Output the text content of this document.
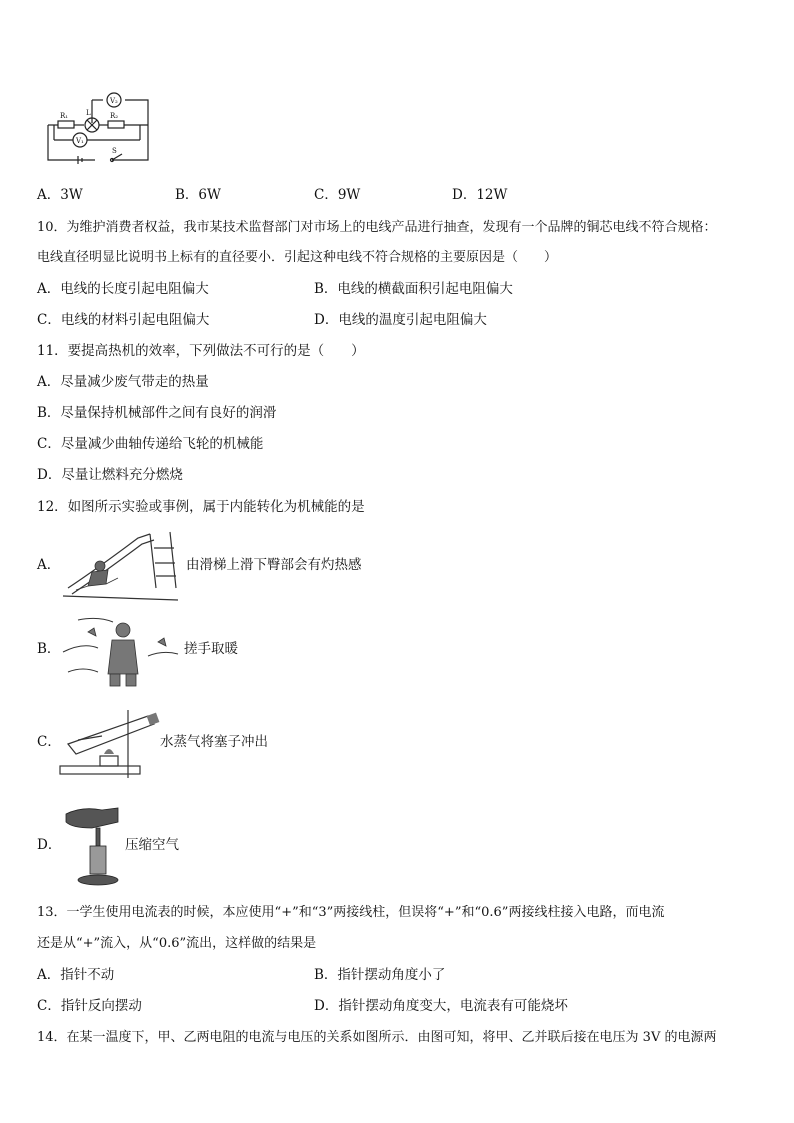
V₂
R₁	L	R₂
V₁
S
A．3W	B．6W	C．9W	D．12W
10．为维护消费者权益，我市某技术监督部门对市场上的电线产品进行抽查，发现有一个品牌的铜芯电线不符合规格：
电线直径明显比说明书上标有的直径要小．引起这种电线不符合规格的主要原因是（　　）
A．电线的长度引起电阻偏大	B．电线的横截面积引起电阻偏大
C．电线的材料引起电阻偏大	D．电线的温度引起电阻偏大
11．要提高热机的效率，下列做法不可行的是（　　）
A．尽量减少废气带走的热量
B．尽量保持机械部件之间有良好的润滑
C．尽量减少曲轴传递给飞轮的机械能
D．尽量让燃料充分燃烧
12．如图所示实验或事例，属于内能转化为机械能的是
A．	由滑梯上滑下臀部会有灼热感
B．	搓手取暖
C．	水蒸气将塞子冲出
D．	压缩空气
13．一学生使用电流表的时候，本应使用“+”和“3”两接线柱，但误将“+”和“0.6”两接线柱接入电路，而电流
还是从“+”流入，从“0.6”流出，这样做的结果是
A．指针不动	B．指针摆动角度小了
C．指针反向摆动	D．指针摆动角度变大，电流表有可能烧坏
14．在某一温度下，甲、乙两电阻的电流与电压的关系如图所示．由图可知，将甲、乙并联后接在电压为 3V 的电源两
